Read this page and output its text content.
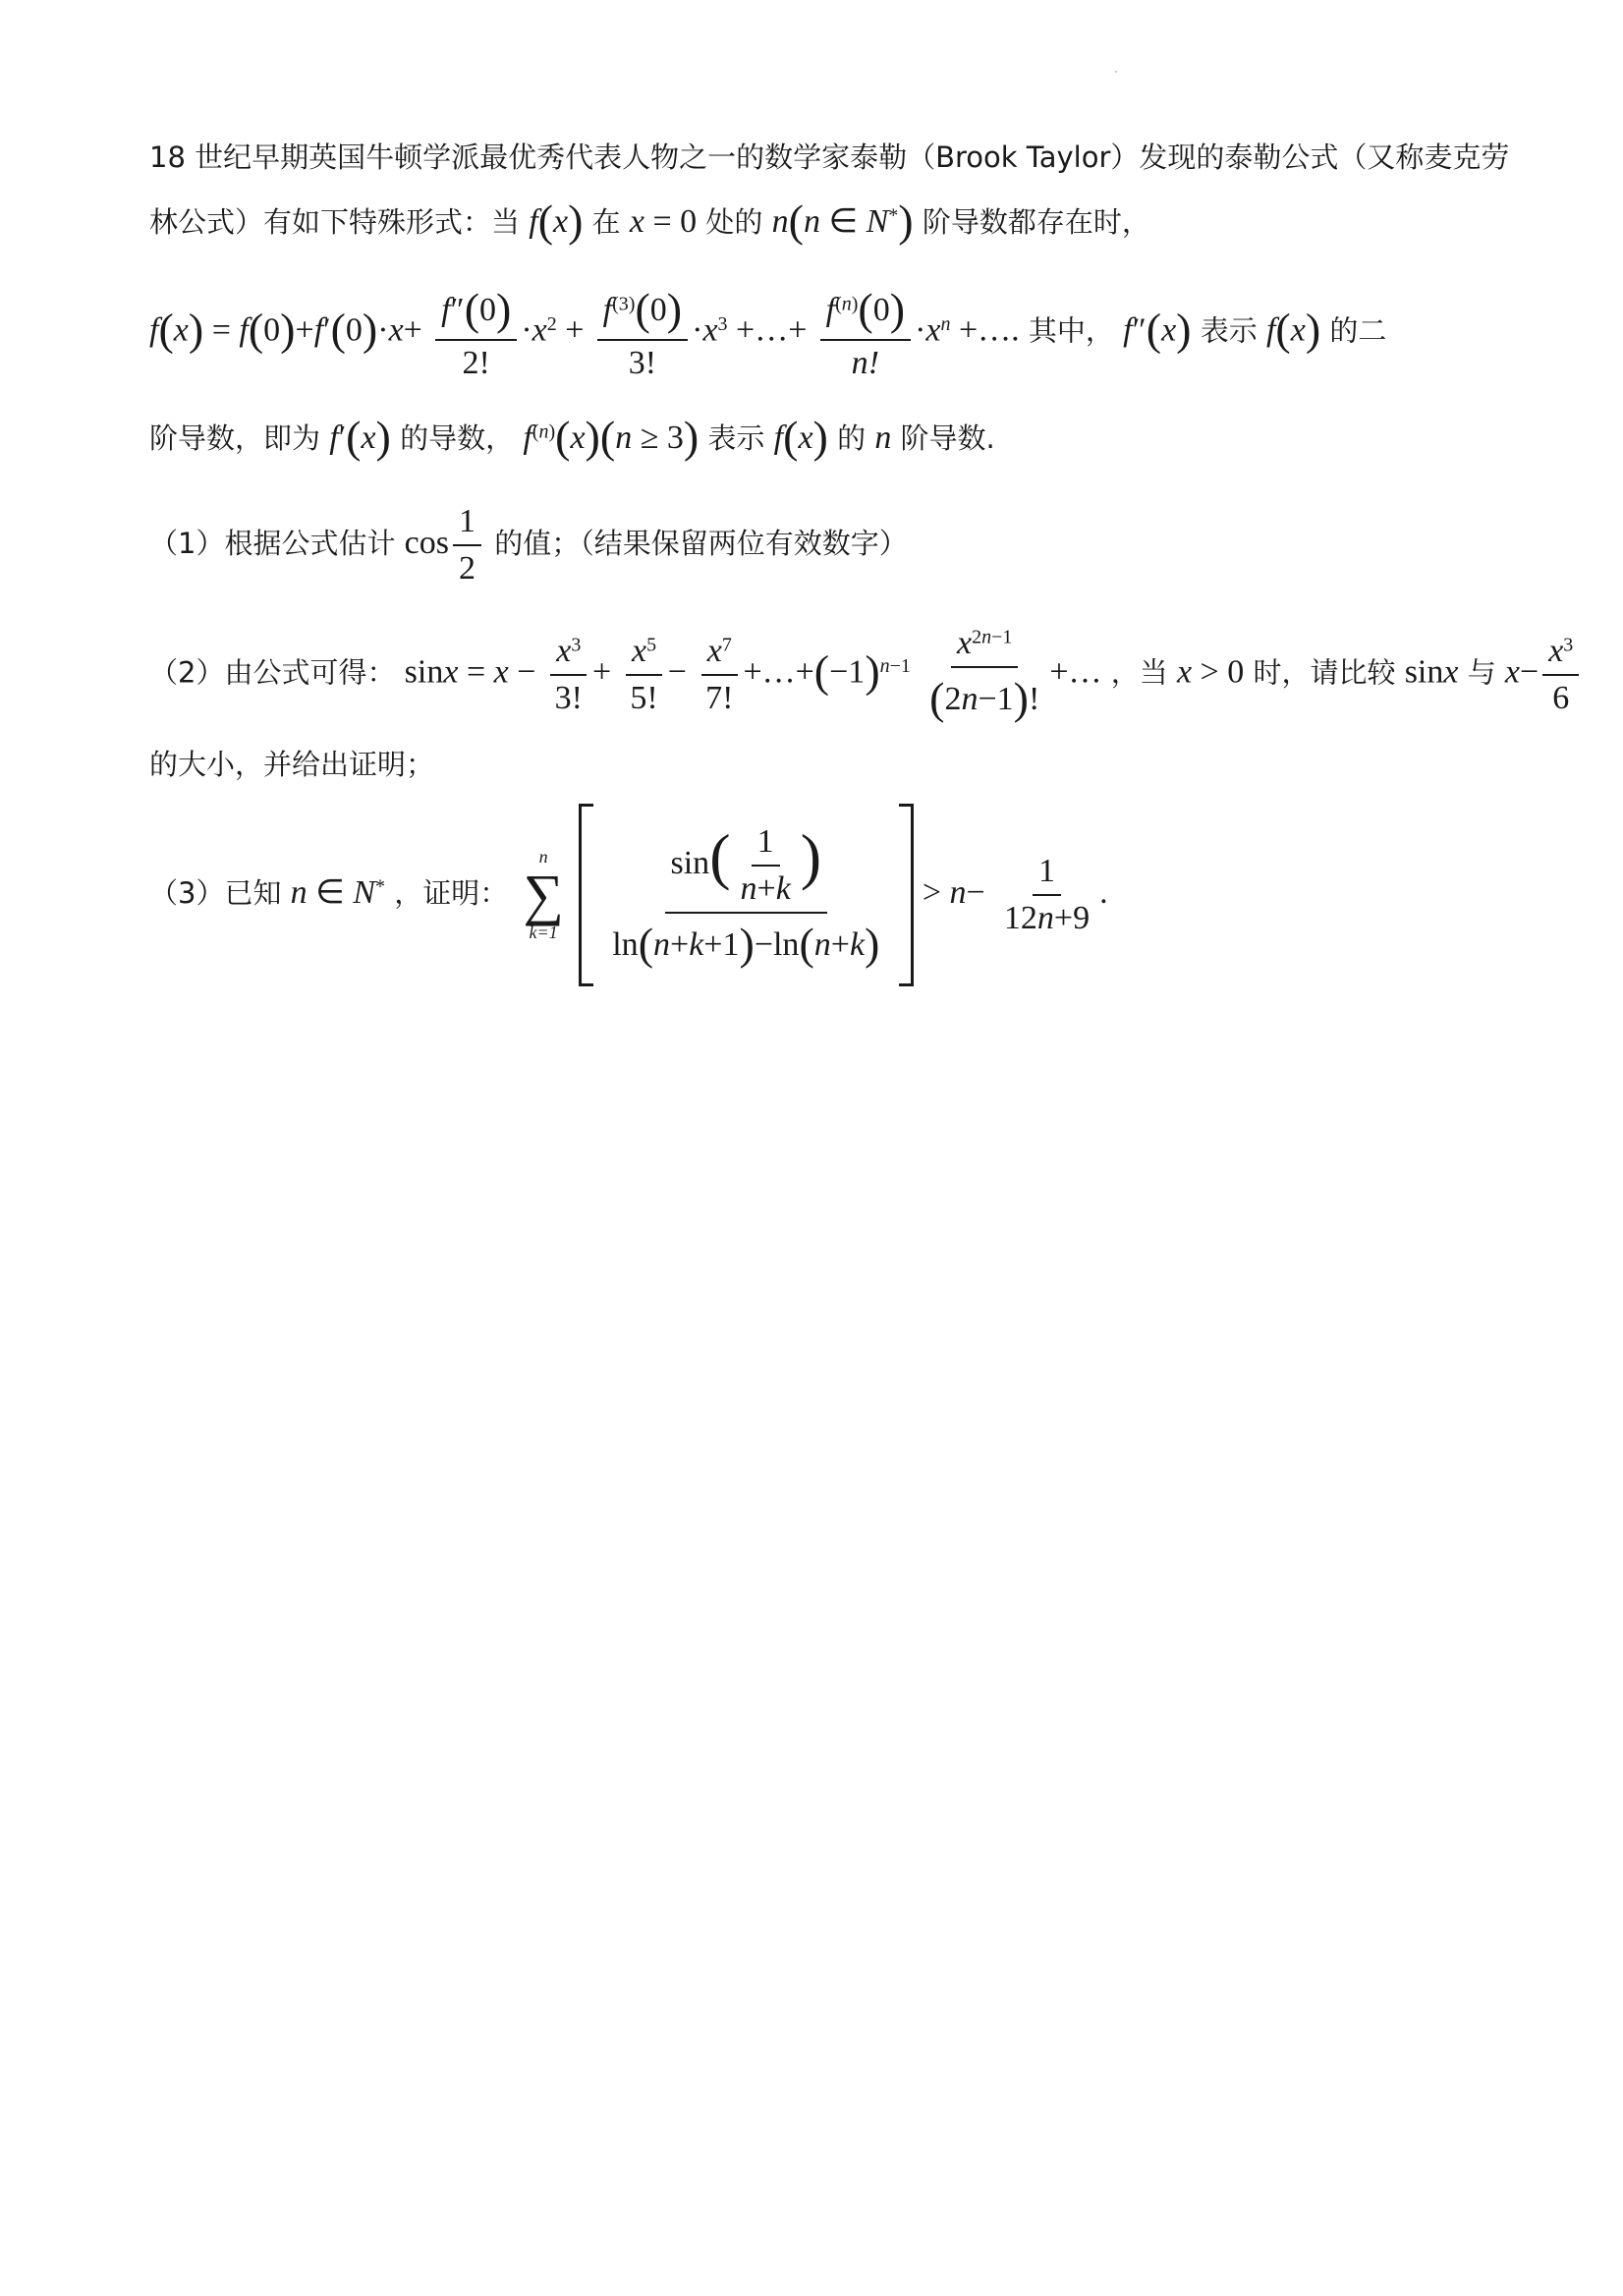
18 世纪早期英国牛顿学派最优秀代表人物之一的数学家泰勒（Brook Taylor）发现的泰勒公式（又称麦克劳
林公式）有如下特殊形式：当 f(x) 在 x = 0 处的 n(n ∈ N*) 阶导数都存在时，
$f(x) = f(0)+f'(0)\cdot x+ \frac{f''(0)}{2!} \cdot x^2 + \frac{f^{(3)}(0)}{3!} \cdot x^3$ +…+ $\frac{f^{(n)}(0)}{n!} \cdot x^n$ +…. 其中， f″(x) 表示 f(x) 的二
阶导数，即为 f′(x) 的导数， $f^{(n)}(x)(n \ge 3)$ 表示 f(x) 的 n 阶导数.
（1）根据公式估计 $\cos \frac{1}{2}$ 的值；（结果保留两位有效数字）
（2）由公式可得： $\sin x = x - \frac{x^3}{3!} + \frac{x^5}{5!} - \frac{x^7}{7!}$ $+\dots+(-1)^{n-1} \frac{x^{2n-1}}{(2n-1)!}$ +… ，当 x > 0 时，请比较 sinx 与 $x- \frac{x^3}{6}$
的大小，并给出证明；
（3）已知 n ∈ N* ，证明：
n
∑
k=1
$\frac{\sin( \frac{1}{n+k} )}{\ln(n+k+1)-\ln(n+k)} > n- \frac{1}{12n+9}$ .
